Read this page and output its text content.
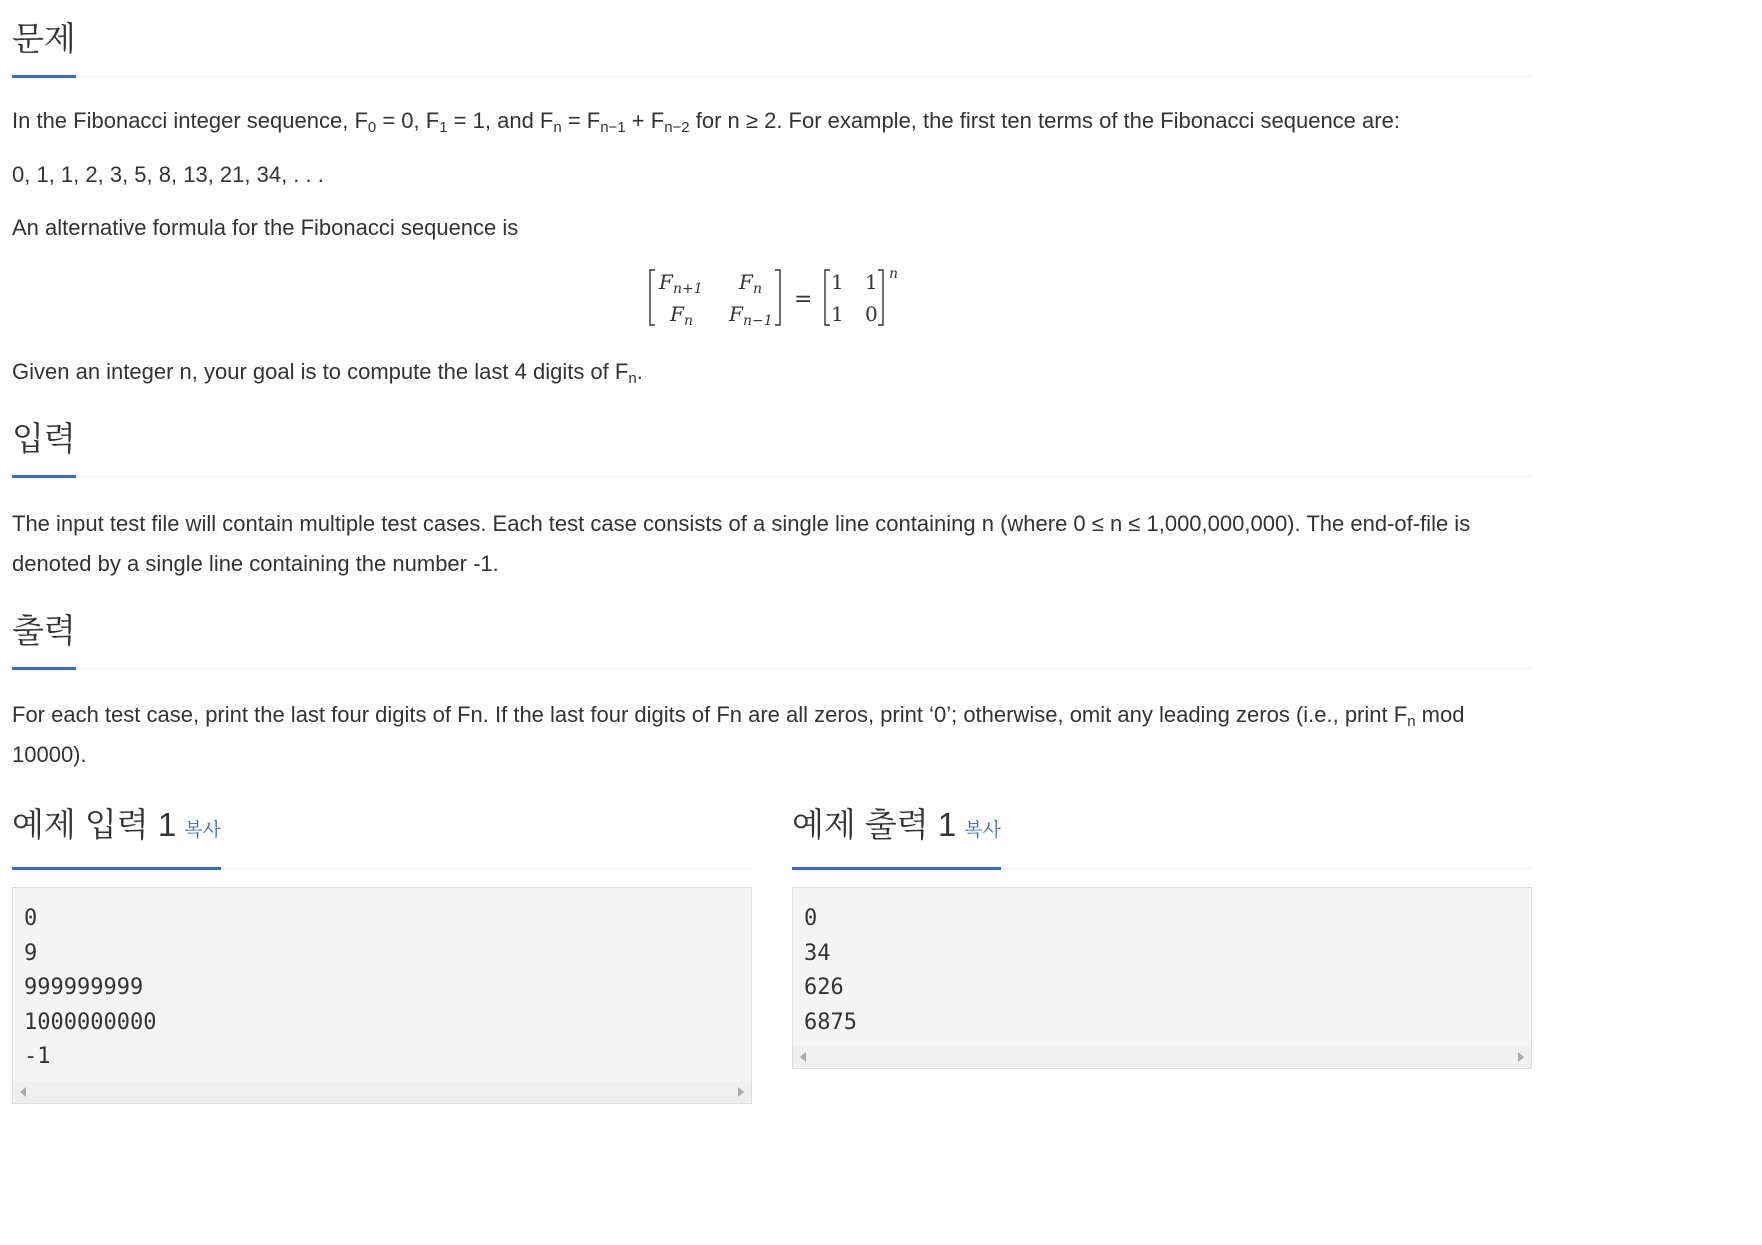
문제

In the Fibonacci integer sequence, $F_0 = 0$, $F_1 = 1$, and $F_n = F_{n-1} + F_{n-2}$ for n ≥ 2. For example, the first ten terms of the Fibonacci sequence are:

0, 1, 1, 2, 3, 5, 8, 13, 21, 34, . . .

An alternative formula for the Fibonacci sequence is

F n+1 F n
F n F n−1
=
1 1
1 0
n

Given an integer n, your goal is to compute the last 4 digits of $F_n$.

입력

The input test file will contain multiple test cases. Each test case consists of a single line containing n (where 0 ≤ n ≤ 1,000,000,000). The end-of-file is denoted by a single line containing the number -1.

출력

For each test case, print the last four digits of Fn. If the last four digits of Fn are all zeros, print ‘0’; otherwise, omit any leading zeros (i.e., print $F_n$ mod 10000).

예제 입력 1 복사
0
9
999999999
1000000000
-1
예제 출력 1 복사
0
34
626
6875
